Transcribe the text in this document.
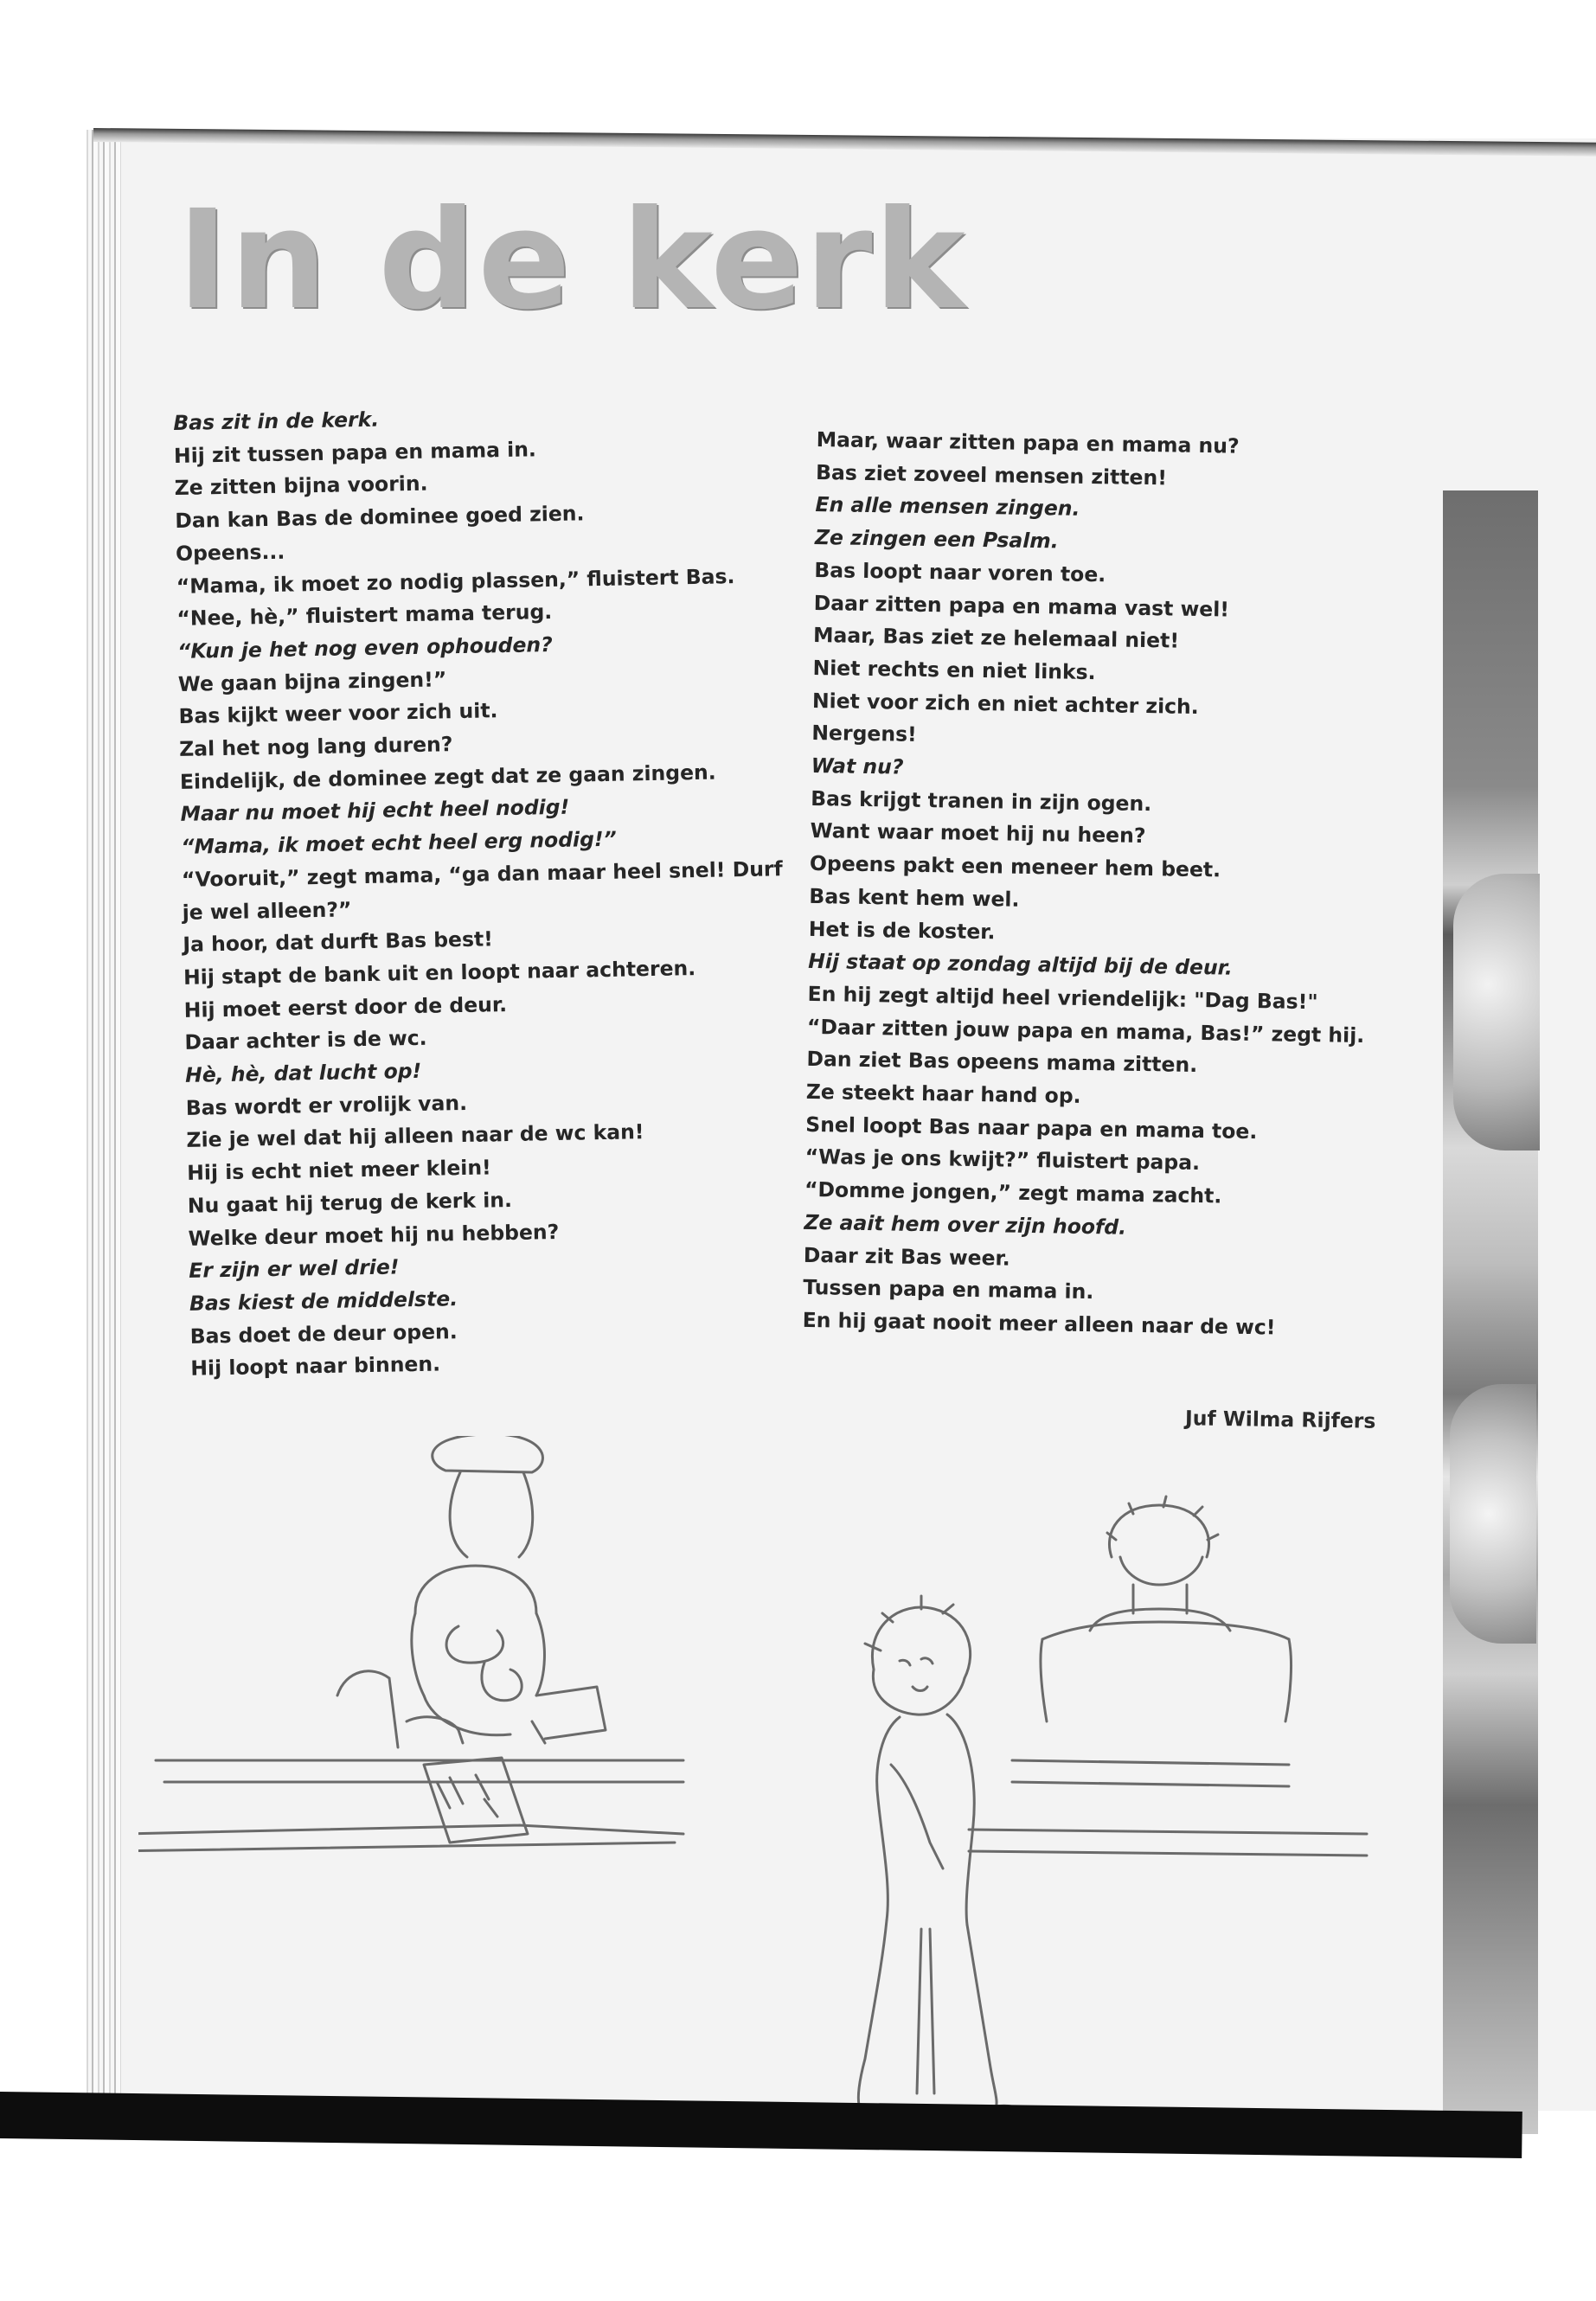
In de kerk
Bas zit in de kerk.
Hij zit tussen papa en mama in.
Ze zitten bijna voorin.
Dan kan Bas de dominee goed zien.
Opeens...
“Mama, ik moet zo nodig plassen,” fluistert Bas.
“Nee, hè,” fluistert mama terug.
“Kun je het nog even ophouden?
We gaan bijna zingen!”
Bas kijkt weer voor zich uit.
Zal het nog lang duren?
Eindelijk, de dominee zegt dat ze gaan zingen.
Maar nu moet hij echt heel nodig!
“Mama, ik moet echt heel erg nodig!”
“Vooruit,” zegt mama, “ga dan maar heel snel! Durf
je wel alleen?”
Ja hoor, dat durft Bas best!
Hij stapt de bank uit en loopt naar achteren.
Hij moet eerst door de deur.
Daar achter is de wc.
Hè, hè, dat lucht op!
Bas wordt er vrolijk van.
Zie je wel dat hij alleen naar de wc kan!
Hij is echt niet meer klein!
Nu gaat hij terug de kerk in.
Welke deur moet hij nu hebben?
Er zijn er wel drie!
Bas kiest de middelste.
Bas doet de deur open.
Hij loopt naar binnen.
Maar, waar zitten papa en mama nu?
Bas ziet zoveel mensen zitten!
En alle mensen zingen.
Ze zingen een Psalm.
Bas loopt naar voren toe.
Daar zitten papa en mama vast wel!
Maar, Bas ziet ze helemaal niet!
Niet rechts en niet links.
Niet voor zich en niet achter zich.
Nergens!
Wat nu?
Bas krijgt tranen in zijn ogen.
Want waar moet hij nu heen?
Opeens pakt een meneer hem beet.
Bas kent hem wel.
Het is de koster.
Hij staat op zondag altijd bij de deur.
En hij zegt altijd heel vriendelijk: "Dag Bas!"
“Daar zitten jouw papa en mama, Bas!” zegt hij.
Dan ziet Bas opeens mama zitten.
Ze steekt haar hand op.
Snel loopt Bas naar papa en mama toe.
“Was je ons kwijt?” fluistert papa.
“Domme jongen,” zegt mama zacht.
Ze aait hem over zijn hoofd.
Daar zit Bas weer.
Tussen papa en mama in.
En hij gaat nooit meer alleen naar de wc!
Juf Wilma Rijfers
